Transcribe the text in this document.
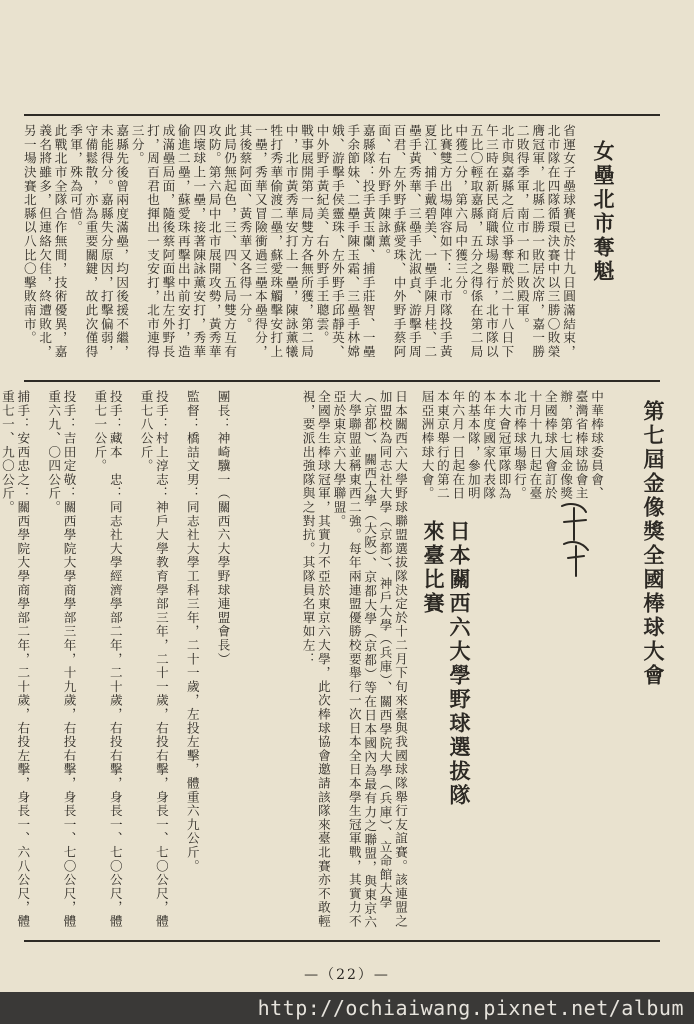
女壘北市奪魁
省運女子壘球賽已於廿九日圓滿結束，北市隊在四隊循環決賽中以三勝〇敗榮膺冠軍，北縣二勝一敗居次席，嘉一勝二敗得季軍，南市一和二敗殿軍。
北市與嘉縣之后位爭奪戰於二十八日下午三時在新民商職球場舉行，北市隊以五比〇輕取嘉縣，五分之得係在第二局中獲二分，第六局中獲三分。
比賽雙方出場陣容如下：北市隊投手黃夏江、捕手戴碧美、一壘手陳月桂、二壘手黃秀華、三壘手沈淑貞、游擊手周百君、左外野手蘇愛珠、中外野手蔡阿面、右外野手陳詠薰。
嘉縣隊：投手黃玉蘭、捕手莊智、一壘手余節妹、二壘手陳玉霜、三壘手林嫦娥、游擊手侯靈珠、左外野手邱靜英、中外野手黃紀美、右外野手王聰雲。
戰事展開第一局雙方各無所獲，第二局中，北市黃秀華安打上一壘，陳詠薰犧牲打秀華偷渡二壘，蘇愛珠觸擊安打上一壘，秀華又冒險衝過三壘本壘得分，其後蔡阿面、黃秀華又各得一分。
此局仍無起色，三、四、五局雙方互有攻防。第六局中北市展開攻勢，黃秀華四壞球上一壘，接著陳詠薰安打，秀華偷進二壘，蘇愛珠再擊出中前安打，造成滿壘局面，隨後蔡阿面擊出左外野長打，周百君也揮出一支安打，北市連得三分。
嘉縣先後曾兩度滿壘，均因後援不繼，未能得分。嘉縣失分原因，打擊偏弱，守備鬆散，亦為重要關鍵，故此次僅得季軍，殊為可惜。
此戰北市全隊合作無間，技術優異，嘉義名將雖多，但連絡欠佳，終遭敗北，另一場決賽北縣以八比〇擊敗南市。
第七屆金像獎全國棒球大會
中華棒球委員會、臺灣省棒球協會主辦，第七屆金像獎全國棒球大會訂於十月十九日起在臺北市棒球場舉行。本大會冠軍隊即為本年度國家代表隊的基本隊，參加明年六月一日起在日本東京舉行的第二屆亞洲棒球大會。
日本關西六大學野球選拔隊來臺比賽
日本關西六大學野球聯盟選拔隊決定於十二月下旬來臺與我國球隊舉行友誼賽。該連盟之加盟校為同志社大學（京都）、神戶大學（兵庫）、關西學院大學（兵庫）、立命館大學（京都）、關西大學（大阪）、京都大學（京都）等在日本國內為最有力之聯盟，與東京六大學聯盟並稱東西二強。每年兩連盟優勝校要舉行一次日本全日本學生冠軍戰，其實力不亞於東京六大學聯盟。
全國學生棒球冠軍，其實力不亞於東京六大學，此次棒球協會邀請該隊來臺北賽亦不敢輕視，要派出強隊與之對抗。其隊員名單如左：

團長：神崎驥一（關西六大學野球連盟會長）

監督：橋詰文男：同志社大學工科三年，二十一歲，左投左擊，體重六九公斤。

投手：村上淳志：神戶大學教育學部三年，二十一歲，右投右擊，身長一、七〇公尺，體重七八公斤。

投手：藏本　忠：同志社大學經濟學部二年，二十歲，右投右擊，身長一、七〇公尺，體重七一公斤。

投手：吉田定敬：關西學院大學商學部三年，十九歲，右投右擊，身長一、七〇公尺，體重六九、〇四公斤。

捕手：安西忠之：關西學院大學商學部二年，二十歲，右投左擊，身長一、六八公尺，體重七一、九〇公斤。

—（22）—
http://ochiaiwang.pixnet.net/album
